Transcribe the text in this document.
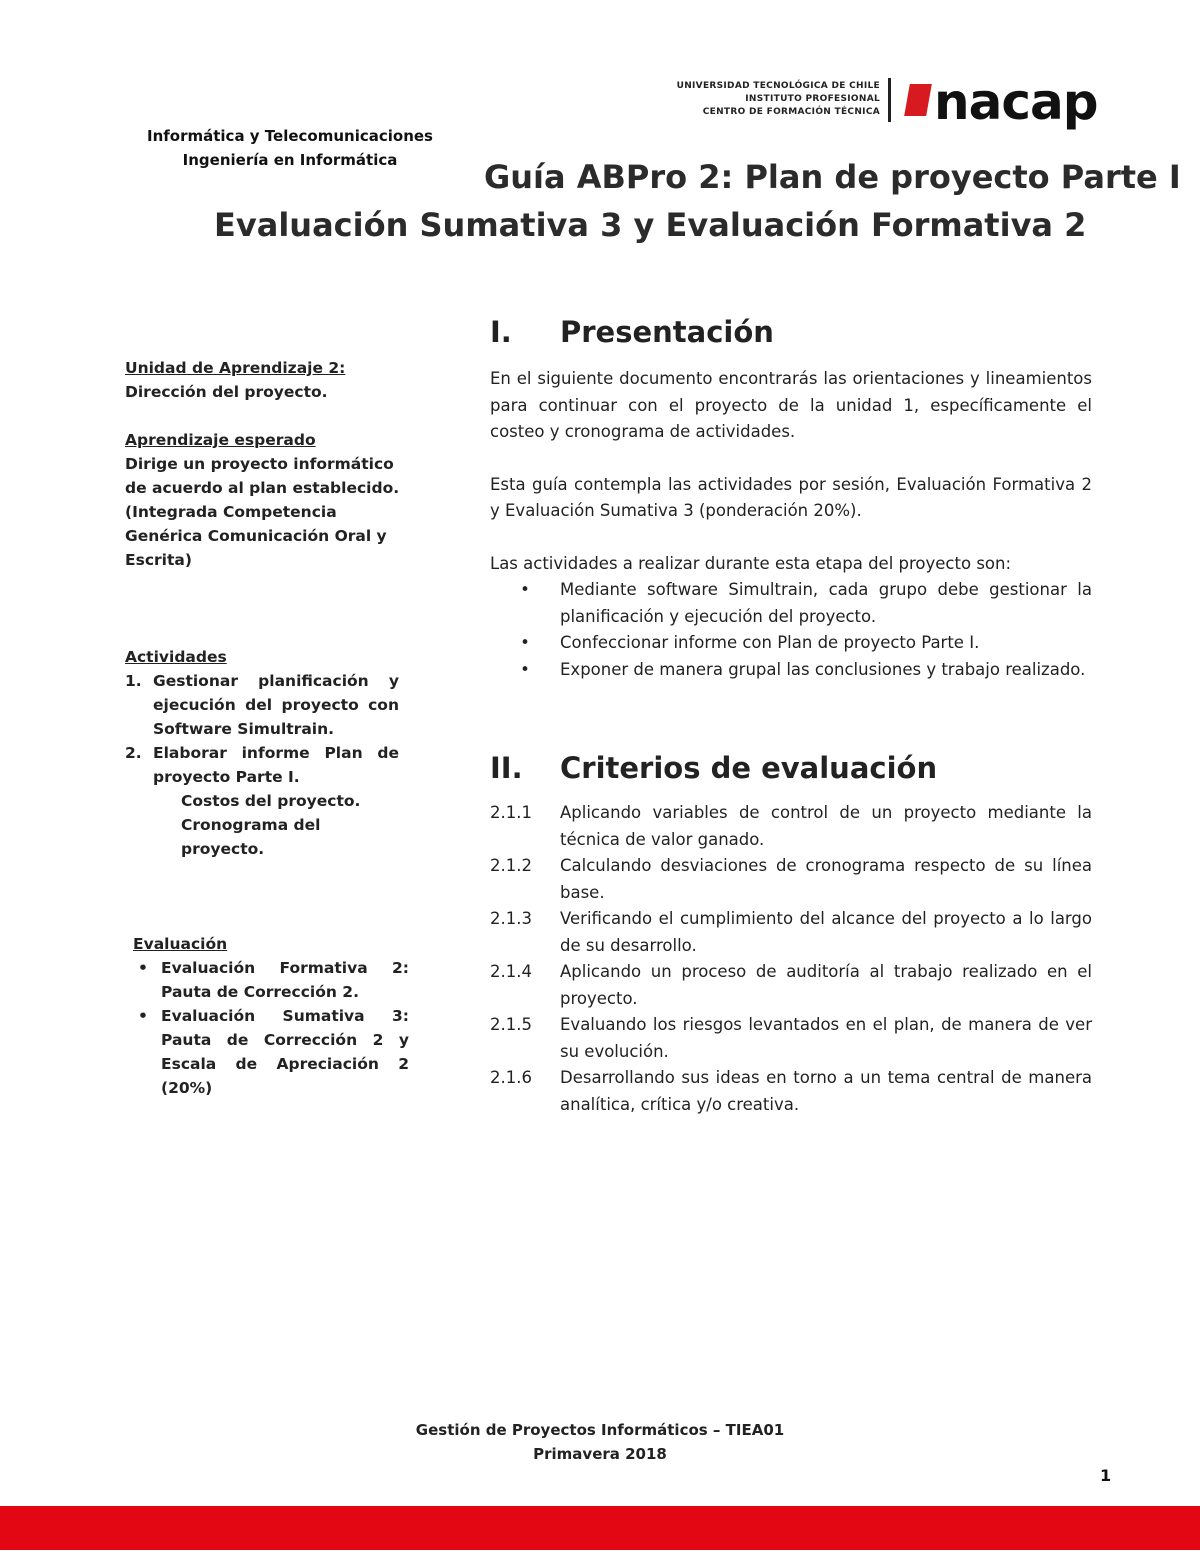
Informática y Telecomunicaciones
Ingeniería en Informática
UNIVERSIDAD TECNOLÓGICA DE CHILE
INSTITUTO PROFESIONAL
CENTRO DE FORMACIÓN TÉCNICA nacap
Guía ABPro 2: Plan de proyecto Parte I
Evaluación Sumativa 3 y Evaluación Formativa 2

Unidad de Aprendizaje 2:

Dirección del proyecto.

Aprendizaje esperado

Dirige un proyecto informático de acuerdo al plan establecido.

(Integrada Competencia Genérica Comunicación Oral y Escrita)

Actividades

1. Gestionar planificación y ejecución del proyecto con Software Simultrain.
2. Elaborar informe Plan de proyecto Parte I.
Costos del proyecto.
Cronograma del proyecto.

Evaluación

• Evaluación Formativa 2: Pauta de Corrección 2.
• Evaluación Sumativa 3: Pauta de Corrección 2 y Escala de Apreciación 2 (20%)
I.	Presentación

En el siguiente documento encontrarás las orientaciones y lineamientos para continuar con el proyecto de la unidad 1, específicamente el costeo y cronograma de actividades.

Esta guía contempla las actividades por sesión, Evaluación Formativa 2 y Evaluación Sumativa 3 (ponderación 20%).

Las actividades a realizar durante esta etapa del proyecto son:

•	Mediante software Simultrain, cada grupo debe gestionar la planificación y ejecución del proyecto.
•	Confeccionar informe con Plan de proyecto Parte I.
•	Exponer de manera grupal las conclusiones y trabajo realizado.
II.	Criterios de evaluación
2.1.1	Aplicando variables de control de un proyecto mediante la técnica de valor ganado.
2.1.2	Calculando desviaciones de cronograma respecto de su línea base.
2.1.3	Verificando el cumplimiento del alcance del proyecto a lo largo de su desarrollo.
2.1.4	Aplicando un proceso de auditoría al trabajo realizado en el proyecto.
2.1.5	Evaluando los riesgos levantados en el plan, de manera de ver su evolución.
2.1.6	Desarrollando sus ideas en torno a un tema central de manera analítica, crítica y/o creativa.
Gestión de Proyectos Informáticos – TIEA01
Primavera 2018
1
